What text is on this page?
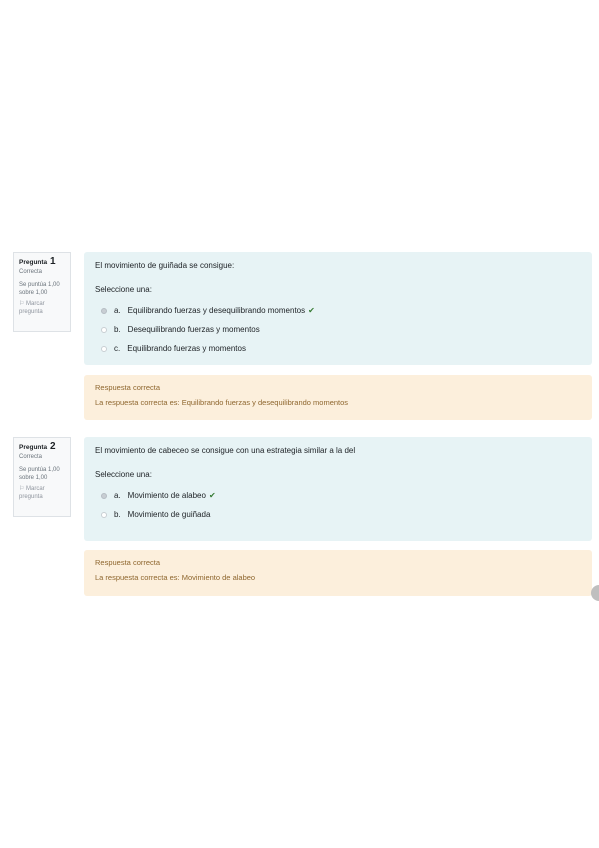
Pregunta 1
Correcta
Se puntúa 1,00 sobre 1,00
⚐ Marcar pregunta
El movimiento de guiñada se consigue:
Seleccione una:
a. Equilibrando fuerzas y desequilibrando momentos ✔
b. Desequilibrando fuerzas y momentos
c. Equilibrando fuerzas y momentos
Respuesta correcta
La respuesta correcta es: Equilibrando fuerzas y desequilibrando momentos
Pregunta 2
Correcta
Se puntúa 1,00 sobre 1,00
⚐ Marcar pregunta
El movimiento de cabeceo se consigue con una estrategia similar a la del
Seleccione una:
a. Movimiento de alabeo ✔
b. Movimiento de guiñada
Respuesta correcta
La respuesta correcta es: Movimiento de alabeo
